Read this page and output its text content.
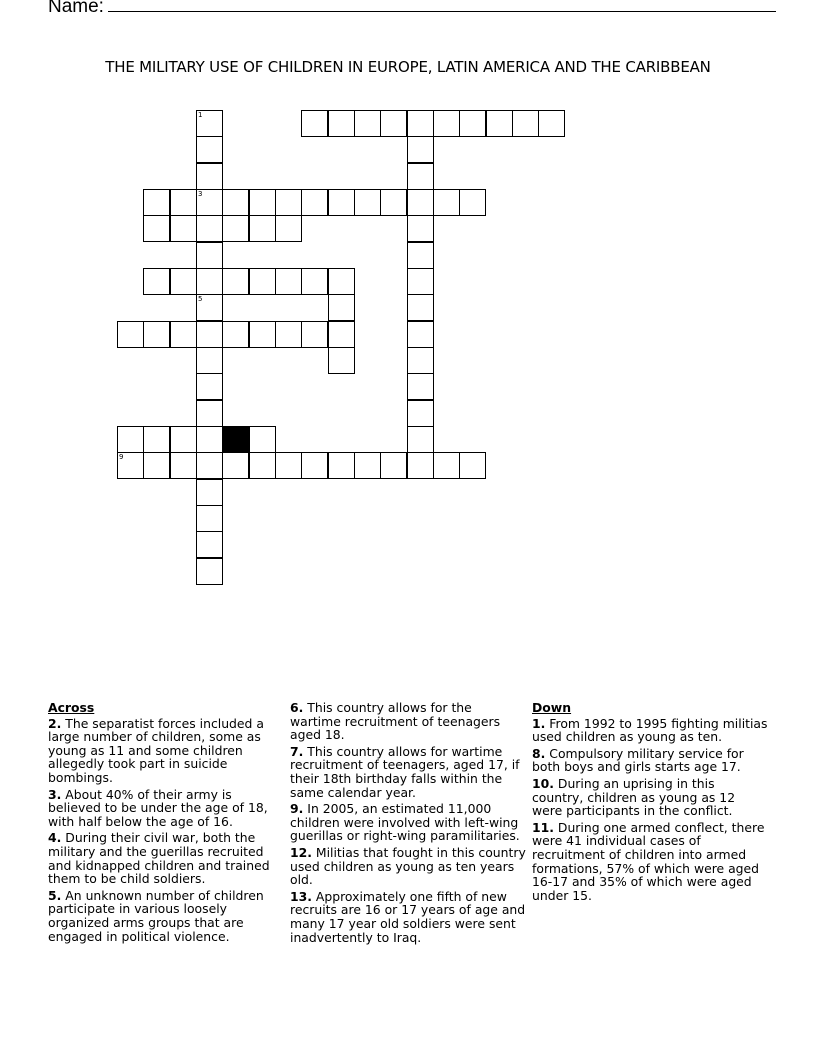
Name:
THE MILITARY USE OF CHILDREN IN EUROPE, LATIN AMERICA AND THE CARIBBEAN
3
9
1
5
Across
2. The separatist forces included a large number of children, some as young as 11 and some children allegedly took part in suicide bombings.
3. About 40% of their army is believed to be under the age of 18, with half below the age of 16.
4. During their civil war, both the military and the guerillas recruited and kidnapped children and trained them to be child soldiers.
5. An unknown number of children participate in various loosely organized arms groups that are engaged in political violence.
6. This country allows for the wartime recruitment of teenagers aged 18.
7. This country allows for wartime recruitment of teenagers, aged 17, if their 18th birthday falls within the same calendar year.
9. In 2005, an estimated 11,000 children were involved with left-wing guerillas or right-wing paramilitaries.
12. Militias that fought in this country used children as young as ten years old.
13. Approximately one fifth of new recruits are 16 or 17 years of age and many 17 year old soldiers were sent inadvertently to Iraq.
Down
1. From 1992 to 1995 fighting militias used children as young as ten.
8. Compulsory military service for both boys and girls starts age 17.
10. During an uprising in this country, children as young as 12 were participants in the conflict.
11. During one armed conflect, there were 41 individual cases of recruitment of children into armed formations, 57% of which were aged 16-17 and 35% of which were aged under 15.
